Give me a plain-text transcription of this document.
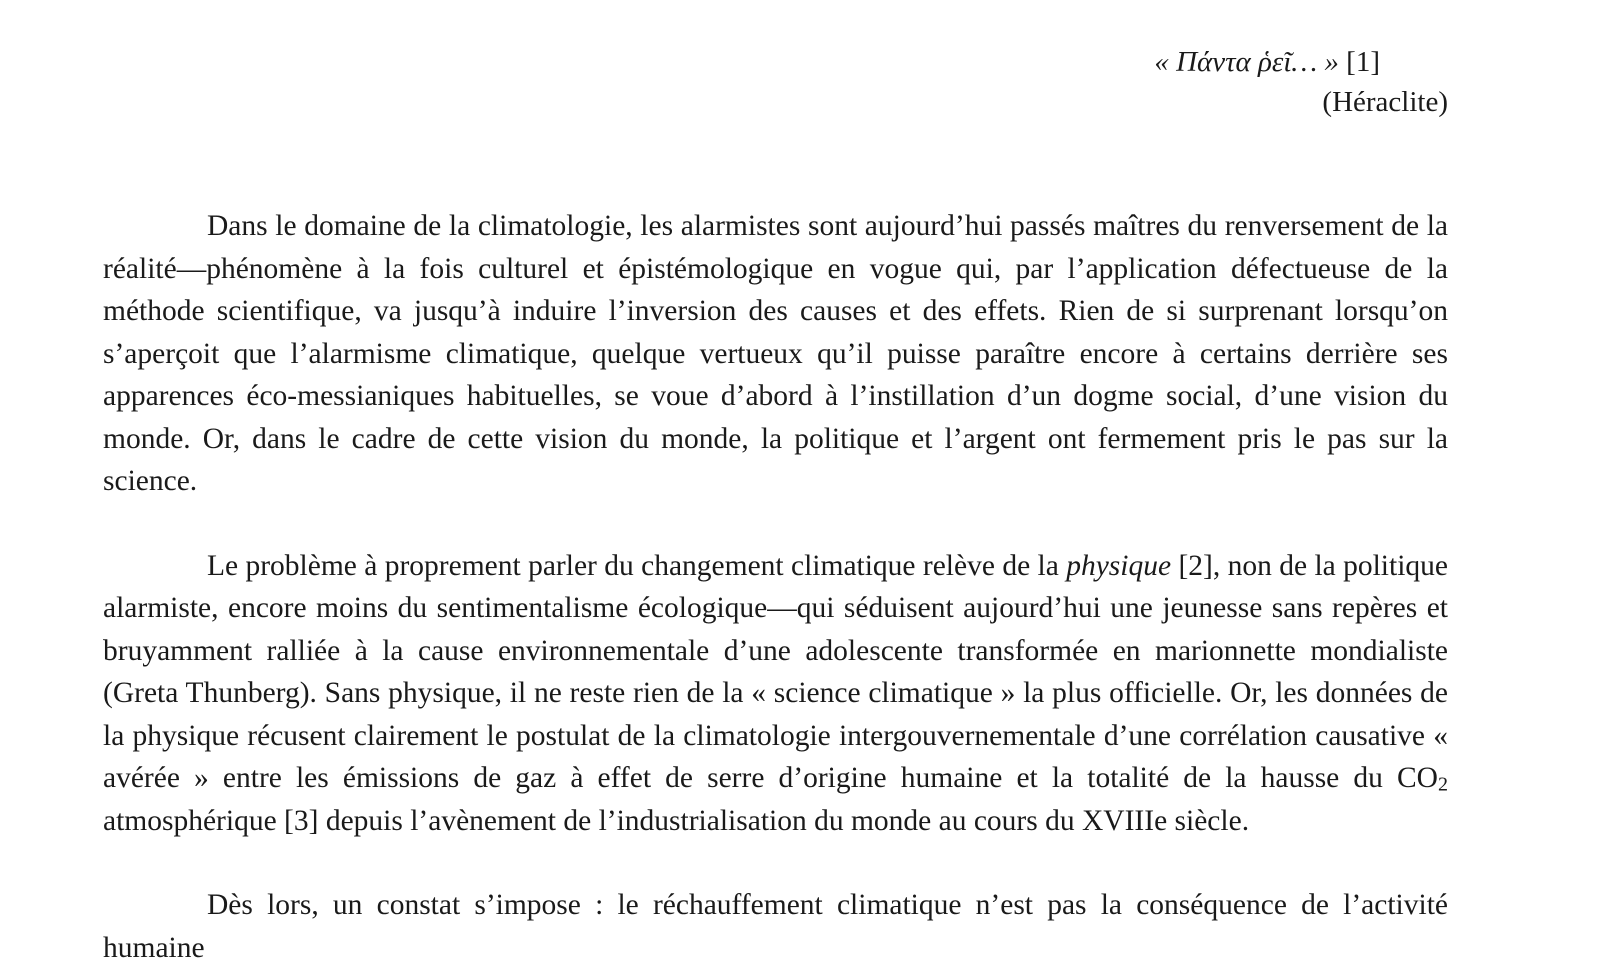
« Πάντα ῥεῖ… » [1]
(Héraclite)

Dans le domaine de la climatologie, les alarmistes sont aujourd’hui passés maîtres du renversement de la réalité—phénomène à la fois culturel et épistémologique en vogue qui, par l’application défectueuse de la méthode scientifique, va jusqu’à induire l’inversion des causes et des effets. Rien de si surprenant lorsqu’on s’aperçoit que l’alarmisme climatique, quelque vertueux qu’il puisse paraître encore à certains derrière ses apparences éco-messianiques habituelles, se voue d’abord à l’instillation d’un dogme social, d’une vision du monde. Or, dans le cadre de cette vision du monde, la politique et l’argent ont fermement pris le pas sur la science.

Le problème à proprement parler du changement climatique relève de la physique [2], non de la politique alarmiste, encore moins du sentimentalisme écologique—qui séduisent aujourd’hui une jeunesse sans repères et bruyamment ralliée à la cause environnementale d’une adolescente transformée en marionnette mondialiste (Greta Thunberg). Sans physique, il ne reste rien de la « science climatique » la plus officielle. Or, les données de la physique récusent clairement le postulat de la climatologie intergouvernementale d’une corrélation causative « avérée » entre les émissions de gaz à effet de serre d’origine humaine et la totalité de la hausse du $CO_2$ atmosphérique [3] depuis l’avènement de l’industrialisation du monde au cours du XVIIIe siècle.

Dès lors, un constat s’impose : le réchauffement climatique n’est pas la conséquence de l’activité humaine
